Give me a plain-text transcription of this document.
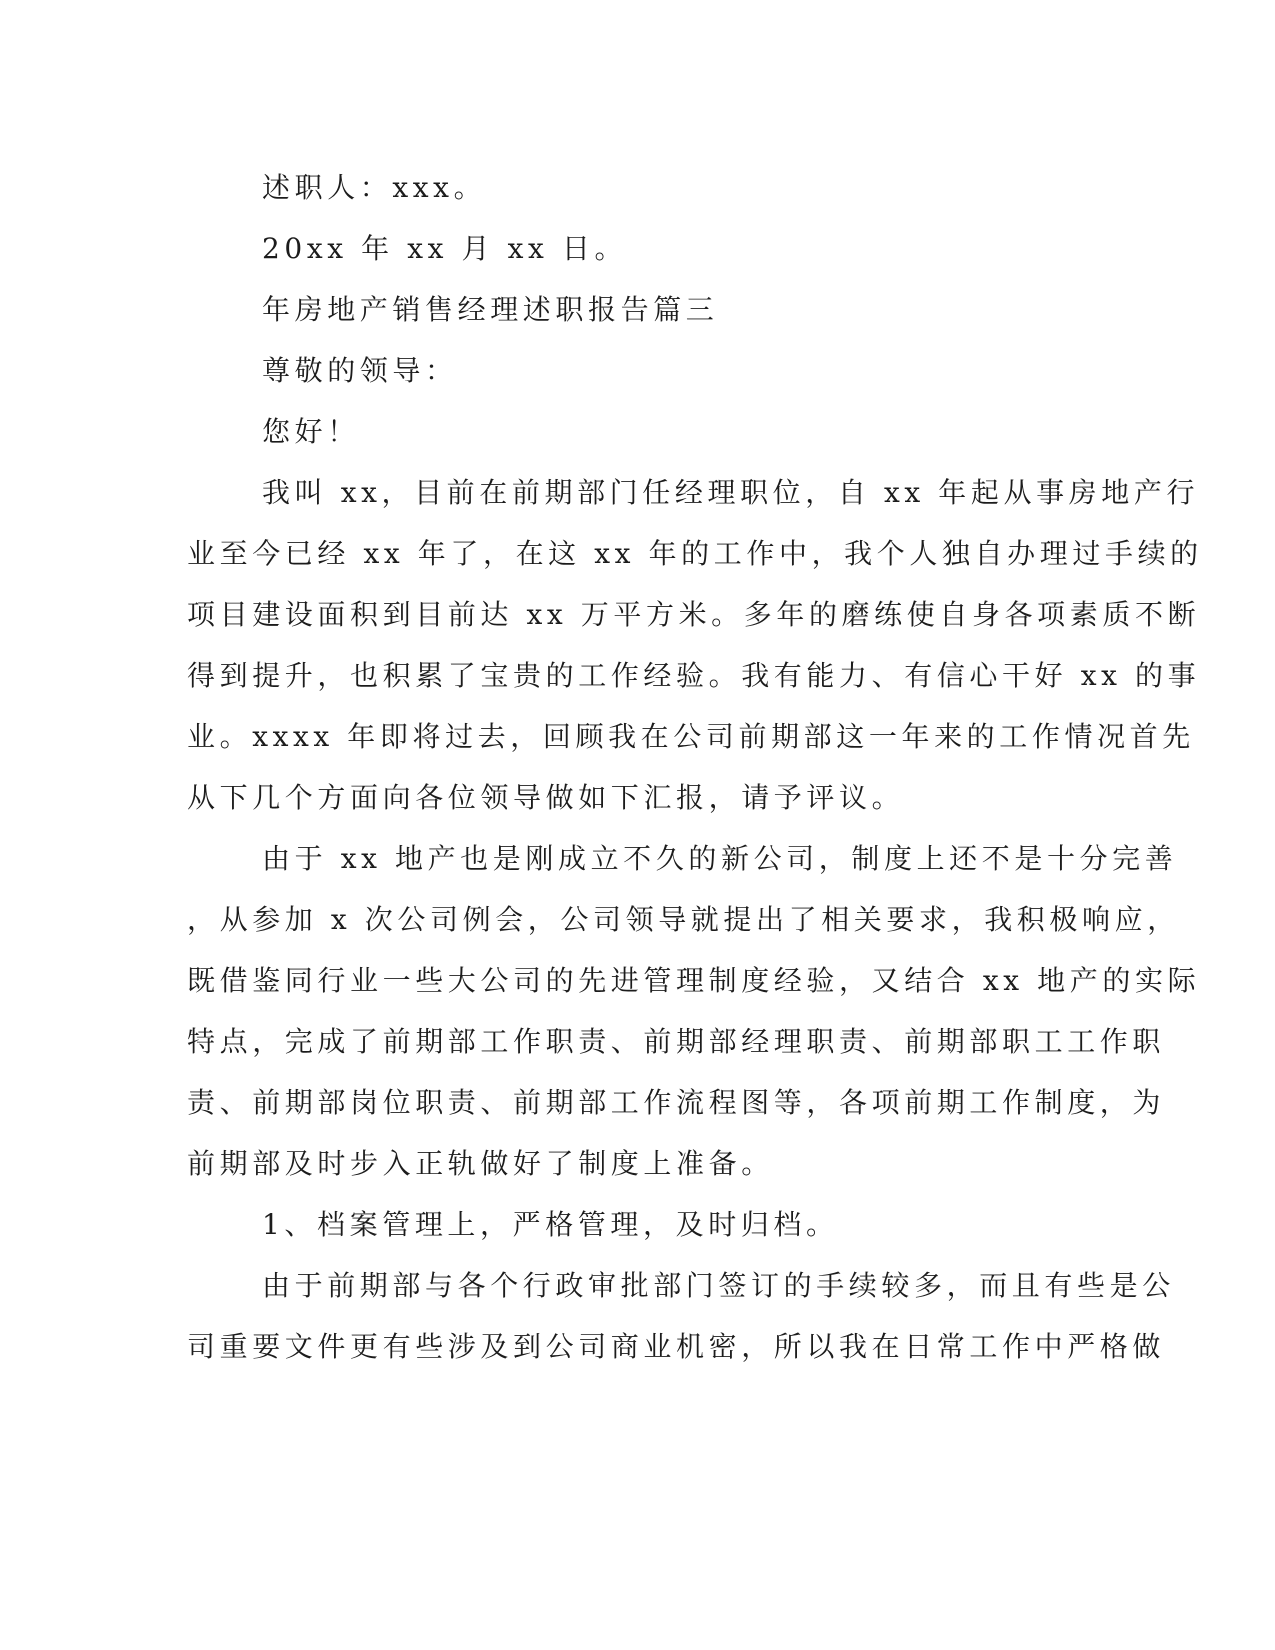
述职人：xxx。
20xx 年 xx 月 xx 日。
年房地产销售经理述职报告篇三
尊敬的领导：
您好！
我叫 xx，目前在前期部门任经理职位，自 xx 年起从事房地产行
业至今已经 xx 年了，在这 xx 年的工作中，我个人独自办理过手续的
项目建设面积到目前达 xx 万平方米。多年的磨练使自身各项素质不断
得到提升，也积累了宝贵的工作经验。我有能力、有信心干好 xx 的事
业。xxxx 年即将过去，回顾我在公司前期部这一年来的工作情况首先
从下几个方面向各位领导做如下汇报，请予评议。
由于 xx 地产也是刚成立不久的新公司，制度上还不是十分完善
，从参加 x 次公司例会，公司领导就提出了相关要求，我积极响应，
既借鉴同行业一些大公司的先进管理制度经验，又结合 xx 地产的实际
特点，完成了前期部工作职责、前期部经理职责、前期部职工工作职
责、前期部岗位职责、前期部工作流程图等，各项前期工作制度，为
前期部及时步入正轨做好了制度上准备。
1、档案管理上，严格管理，及时归档。
由于前期部与各个行政审批部门签订的手续较多，而且有些是公
司重要文件更有些涉及到公司商业机密，所以我在日常工作中严格做
